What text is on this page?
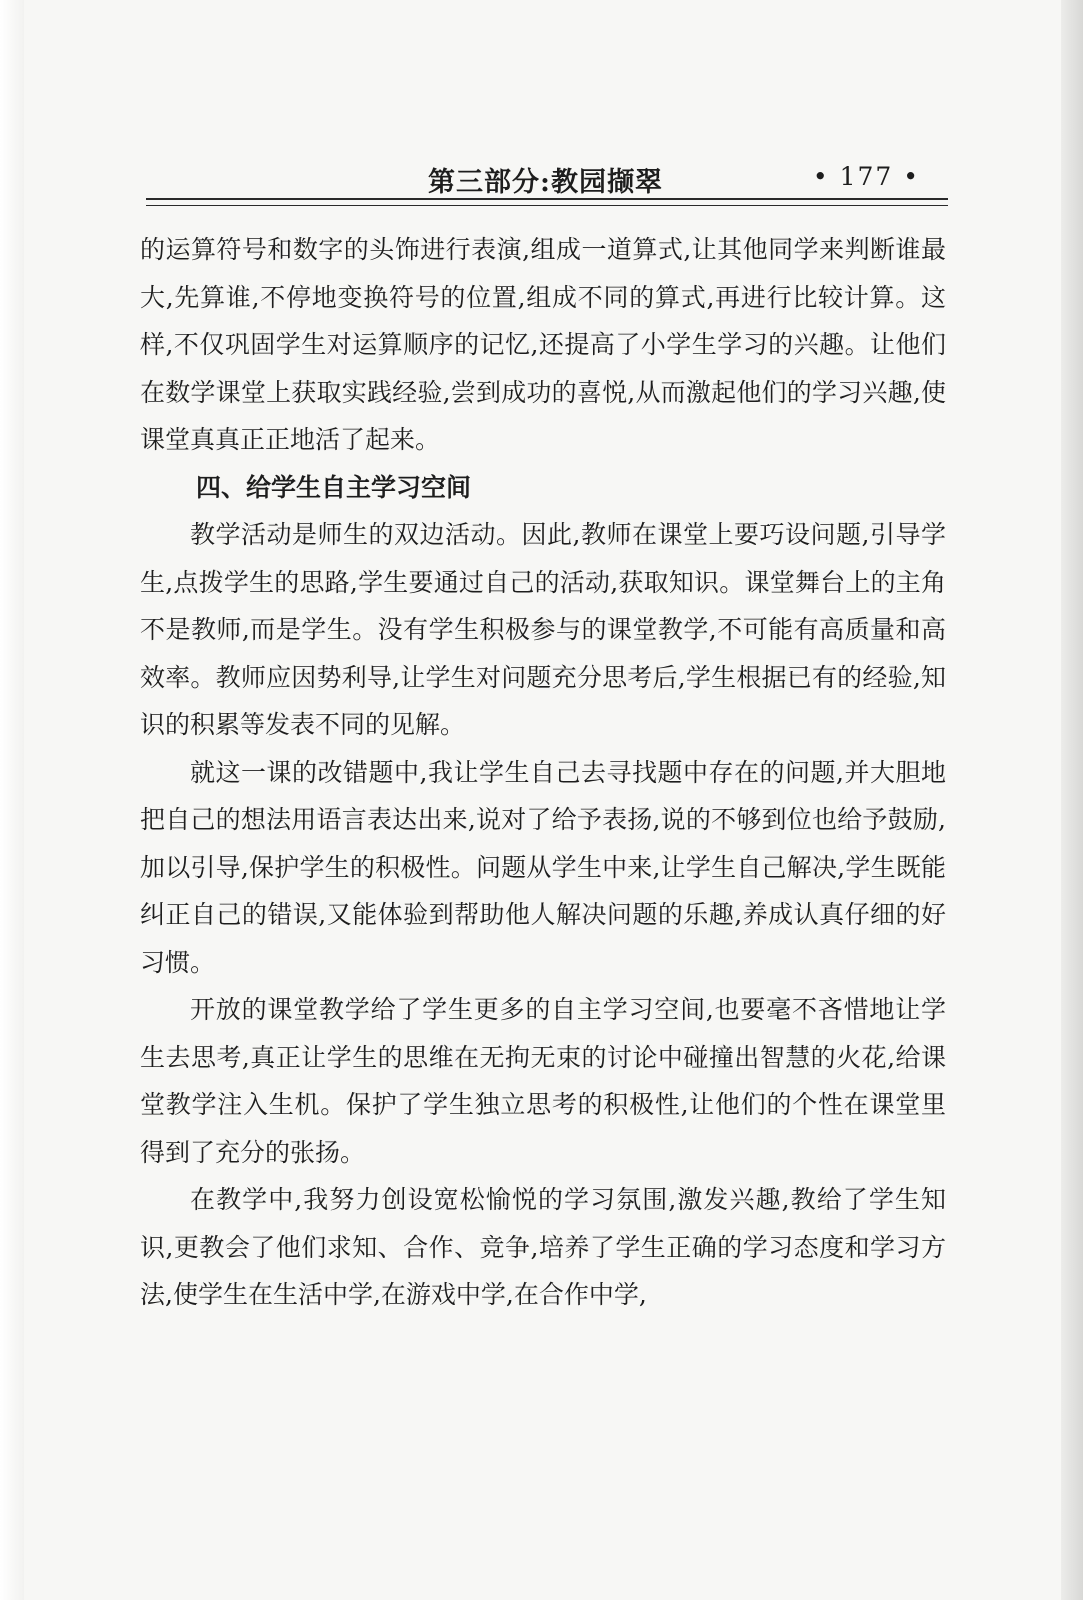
第三部分:教园撷翠	• 177 •

的运算符号和数字的头饰进行表演,组成一道算式,让其他同学来判断谁最大,先算谁,不停地变换符号的位置,组成不同的算式,再进行比较计算。这样,不仅巩固学生对运算顺序的记忆,还提高了小学生学习的兴趣。让他们在数学课堂上获取实践经验,尝到成功的喜悦,从而激起他们的学习兴趣,使课堂真真正正地活了起来。

四、给学生自主学习空间

教学活动是师生的双边活动。因此,教师在课堂上要巧设问题,引导学生,点拨学生的思路,学生要通过自己的活动,获取知识。课堂舞台上的主角不是教师,而是学生。没有学生积极参与的课堂教学,不可能有高质量和高效率。教师应因势利导,让学生对问题充分思考后,学生根据已有的经验,知识的积累等发表不同的见解。

就这一课的改错题中,我让学生自己去寻找题中存在的问题,并大胆地把自己的想法用语言表达出来,说对了给予表扬,说的不够到位也给予鼓励,加以引导,保护学生的积极性。问题从学生中来,让学生自己解决,学生既能纠正自己的错误,又能体验到帮助他人解决问题的乐趣,养成认真仔细的好习惯。

开放的课堂教学给了学生更多的自主学习空间,也要毫不吝惜地让学生去思考,真正让学生的思维在无拘无束的讨论中碰撞出智慧的火花,给课堂教学注入生机。保护了学生独立思考的积极性,让他们的个性在课堂里得到了充分的张扬。

在教学中,我努力创设宽松愉悦的学习氛围,激发兴趣,教给了学生知识,更教会了他们求知、合作、竞争,培养了学生正确的学习态度和学习方法,使学生在生活中学,在游戏中学,在合作中学,
